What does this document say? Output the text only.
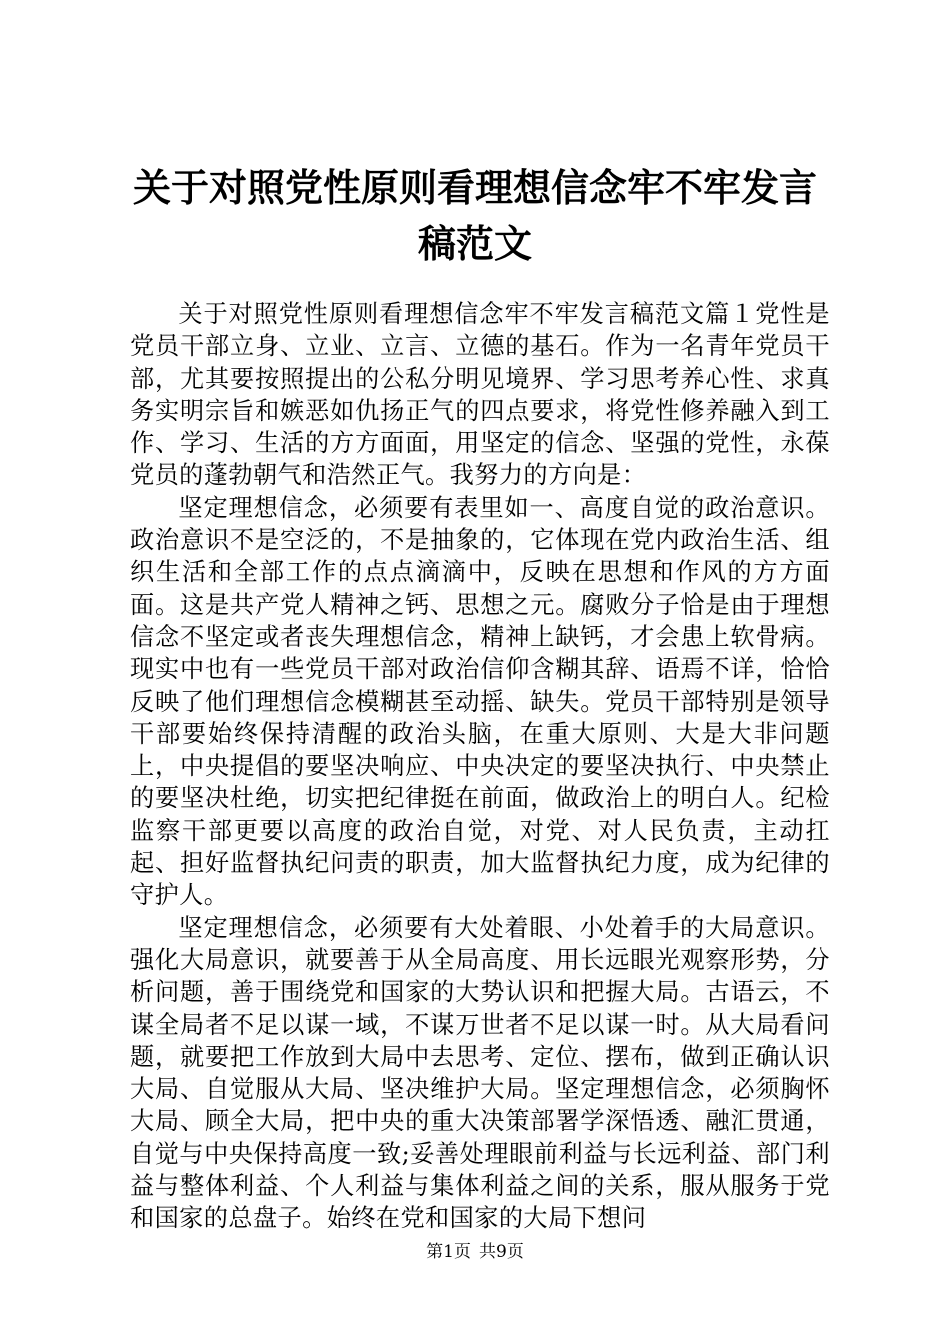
关于对照党性原则看理想信念牢不牢发言稿范文

关于对照党性原则看理想信念牢不牢发言稿范文篇１党性是党员干部立身、立业、立言、立德的基石。作为一名青年党员干部，尤其要按照提出的公私分明见境界、学习思考养心性、求真务实明宗旨和嫉恶如仇扬正气的四点要求，将党性修养融入到工作、学习、生活的方方面面，用坚定的信念、坚强的党性，永葆党员的蓬勃朝气和浩然正气。我努力的方向是：

坚定理想信念，必须要有表里如一、高度自觉的政治意识。政治意识不是空泛的，不是抽象的，它体现在党内政治生活、组织生活和全部工作的点点滴滴中，反映在思想和作风的方方面面。这是共产党人精神之钙、思想之元。腐败分子恰是由于理想信念不坚定或者丧失理想信念，精神上缺钙，才会患上软骨病。现实中也有一些党员干部对政治信仰含糊其辞、语焉不详，恰恰反映了他们理想信念模糊甚至动摇、缺失。党员干部特别是领导干部要始终保持清醒的政治头脑，在重大原则、大是大非问题上，中央提倡的要坚决响应、中央决定的要坚决执行、中央禁止的要坚决杜绝，切实把纪律挺在前面，做政治上的明白人。纪检监察干部更要以高度的政治自觉，对党、对人民负责，主动扛起、担好监督执纪问责的职责，加大监督执纪力度，成为纪律的守护人。

坚定理想信念，必须要有大处着眼、小处着手的大局意识。强化大局意识，就要善于从全局高度、用长远眼光观察形势，分析问题，善于围绕党和国家的大势认识和把握大局。古语云，不谋全局者不足以谋一域，不谋万世者不足以谋一时。从大局看问题，就要把工作放到大局中去思考、定位、摆布，做到正确认识大局、自觉服从大局、坚决维护大局。坚定理想信念，必须胸怀大局、顾全大局，把中央的重大决策部署学深悟透、融汇贯通，自觉与中央保持高度一致;妥善处理眼前利益与长远利益、部门利益与整体利益、个人利益与集体利益之间的关系，服从服务于党和国家的总盘子。始终在党和国家的大局下想问

第1页 共9页
